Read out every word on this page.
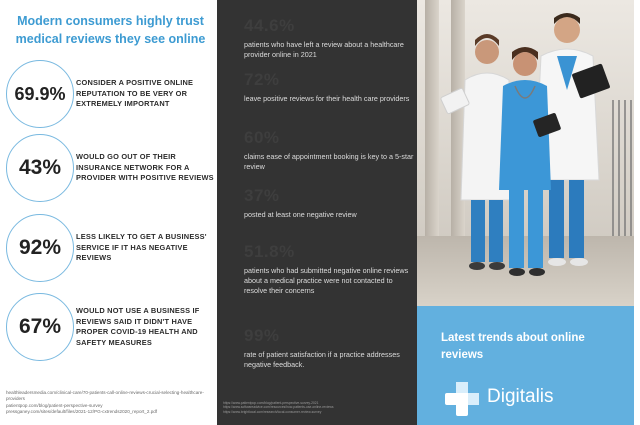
Modern consumers highly trust medical reviews they see online
69.9%
CONSIDER A POSITIVE ONLINE REPUTATION TO BE VERY OR EXTREMELY IMPORTANT
43%	WOULD GO OUT OF THEIR INSURANCE NETWORK FOR A PROVIDER WITH POSITIVE REVIEWS
92%	LESS LIKELY TO GET A BUSINESS' SERVICE IF IT HAS NEGATIVE REVIEWS
67%
WOULD NOT USE A BUSINESS IF REVIEWS SAID IT DIDN'T HAVE PROPER COVID-19 HEALTH AND SAFETY MEASURES
healthleadersmedia.com/clinical-care/70-patients-call-online-reviews-crucial-selecting-healthcare-providers
patientpop.com/blog/patient-perspective-survey
pressganey.com/sites/default/files/2021-12/PG-cxtrends2020_report_2.pdf
44.6%
patients who have left a review about a healthcare provider online in 2021
72%
leave positive reviews for their health care providers
60%
claims ease of appointment booking is key to a 5-star review
37%
posted at least one negative review
51.8%
patients who had submitted negative online reviews about a medical practice were not contacted to resolve their concerns
99%
rate of patient satisfaction if a practice addresses negative feedback.
https://www.patientpop.com/blog/patient-perspective-survey-2021
https://www.softwareadvice.com/resources/how-patients-use-online-reviews
https://www.brightlocal.com/research/local-consumer-review-survey
Latest trends about online reviews
Digitalis
